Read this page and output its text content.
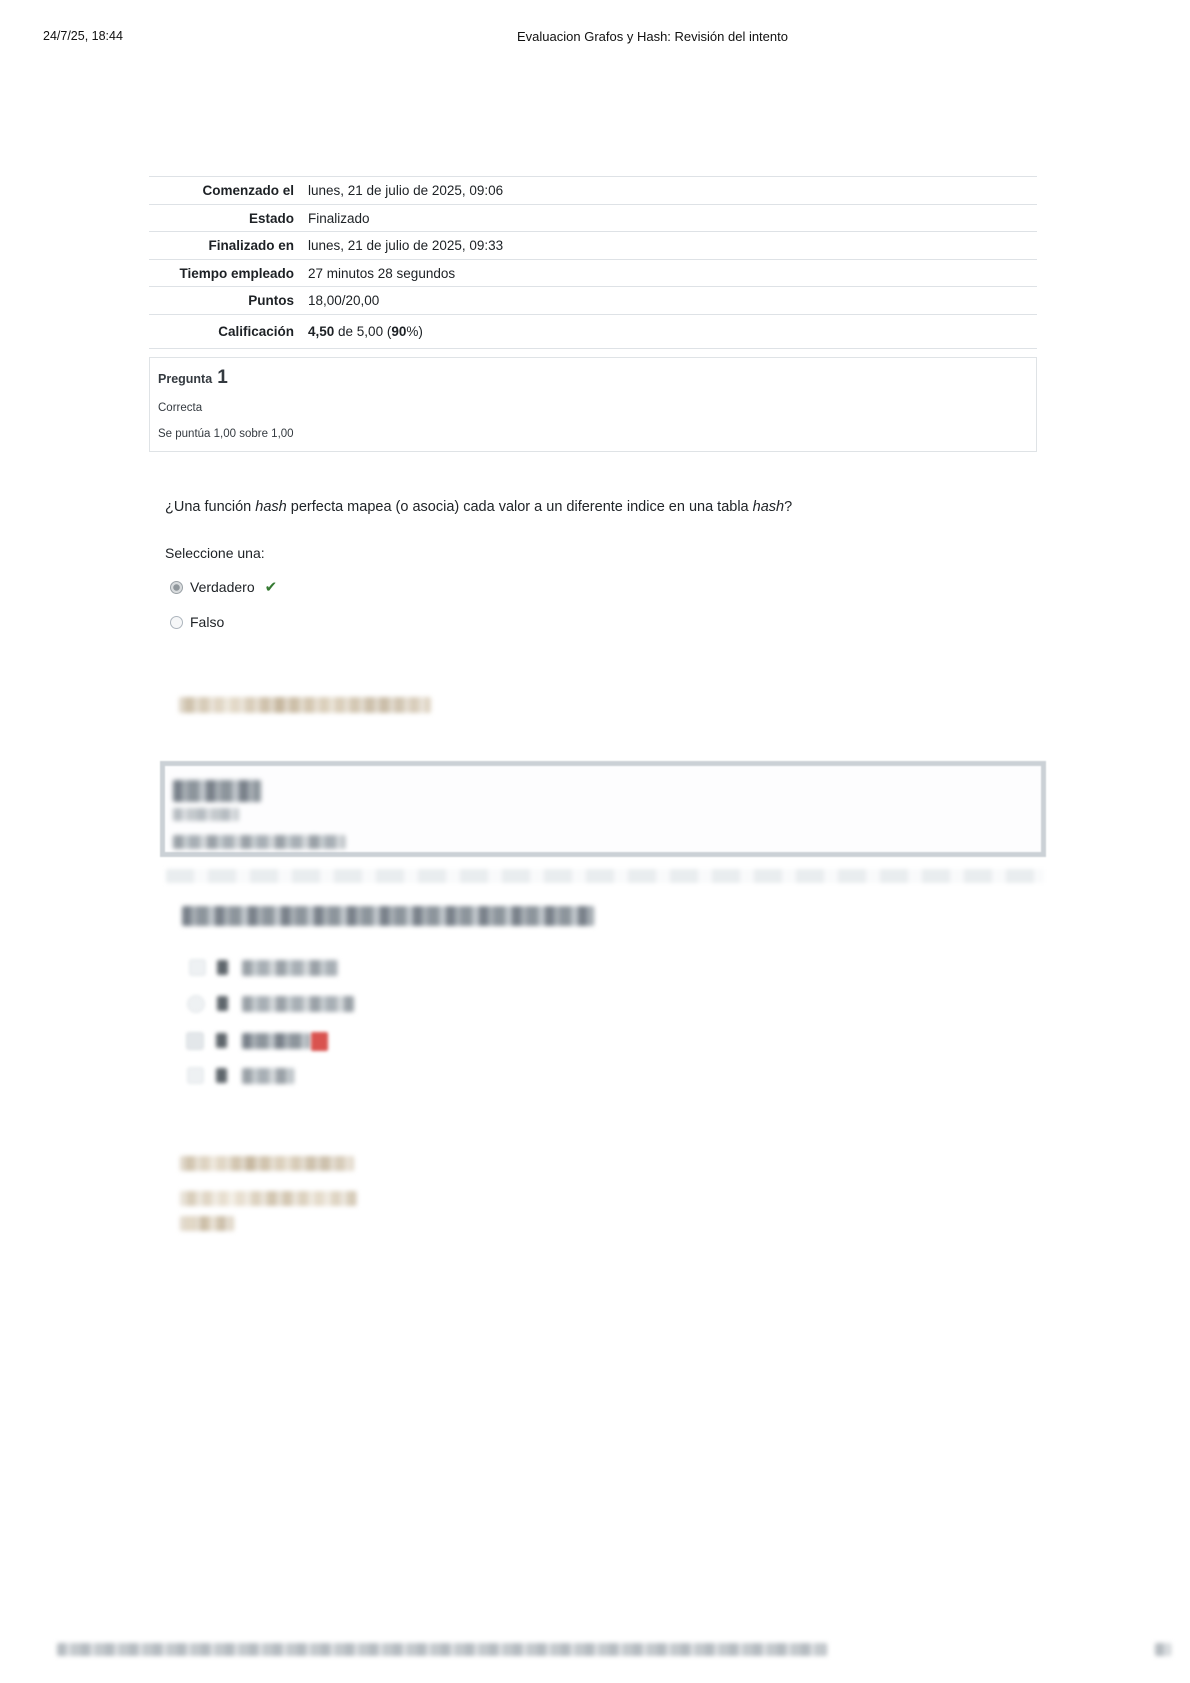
24/7/25, 18:44	Evaluacion Grafos y Hash: Revisión del intento
Comenzado el	lunes, 21 de julio de 2025, 09:06
Estado	Finalizado
Finalizado en	lunes, 21 de julio de 2025, 09:33
Tiempo empleado	27 minutos 28 segundos
Puntos	18,00/20,00
Calificación	4,50 de 5,00 (90%)
Pregunta 1
Correcta
Se puntúa 1,00 sobre 1,00
¿Una función hash perfecta mapea (o asocia) cada valor a un diferente indice en una tabla hash?
Seleccione una:
Verdadero ✔
Falso
